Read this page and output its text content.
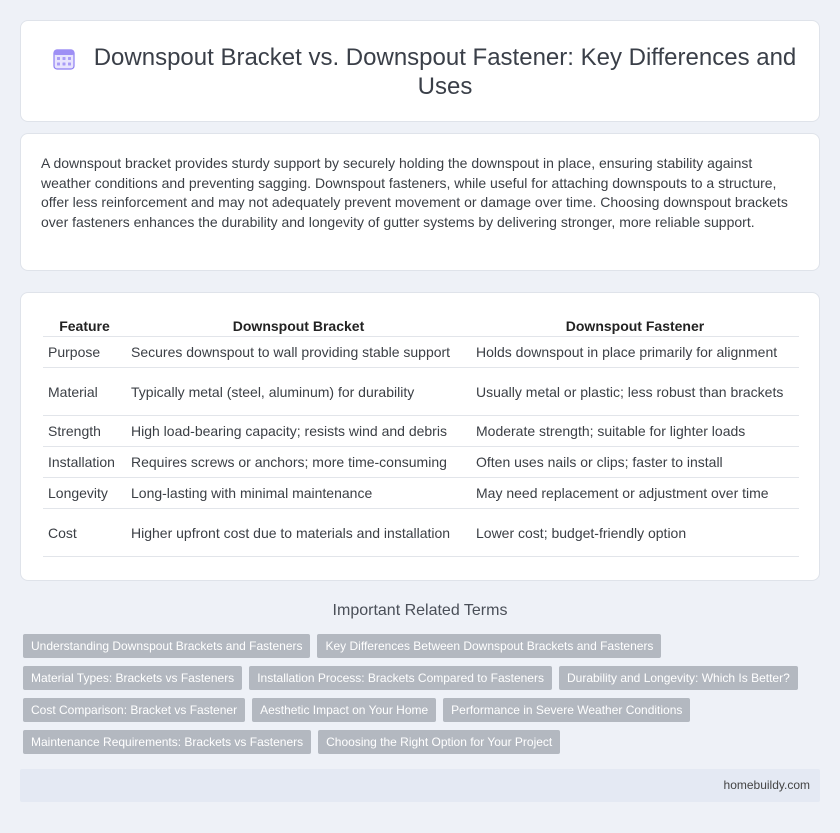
Downspout Bracket vs. Downspout Fastener: Key Differences and Uses

A downspout bracket provides sturdy support by securely holding the downspout in place, ensuring stability against weather conditions and preventing sagging. Downspout fasteners, while useful for attaching downspouts to a structure, offer less reinforcement and may not adequately prevent movement or damage over time. Choosing downspout brackets over fasteners enhances the durability and longevity of gutter systems by delivering stronger, more reliable support.

Feature	Downspout Bracket	Downspout Fastener
Purpose	Secures downspout to wall providing stable support	Holds downspout in place primarily for alignment
Material	Typically metal (steel, aluminum) for durability	Usually metal or plastic; less robust than brackets
Strength	High load-bearing capacity; resists wind and debris	Moderate strength; suitable for lighter loads
Installation	Requires screws or anchors; more time-consuming	Often uses nails or clips; faster to install
Longevity	Long-lasting with minimal maintenance	May need replacement or adjustment over time
Cost	Higher upfront cost due to materials and installation	Lower cost; budget-friendly option
Important Related Terms
Understanding Downspout Brackets and Fasteners	Key Differences Between Downspout Brackets and Fasteners
Material Types: Brackets vs Fasteners	Installation Process: Brackets Compared to Fasteners	Durability and Longevity: Which Is Better?
Cost Comparison: Bracket vs Fastener	Aesthetic Impact on Your Home	Performance in Severe Weather Conditions
Maintenance Requirements: Brackets vs Fasteners	Choosing the Right Option for Your Project
homebuildy.com
